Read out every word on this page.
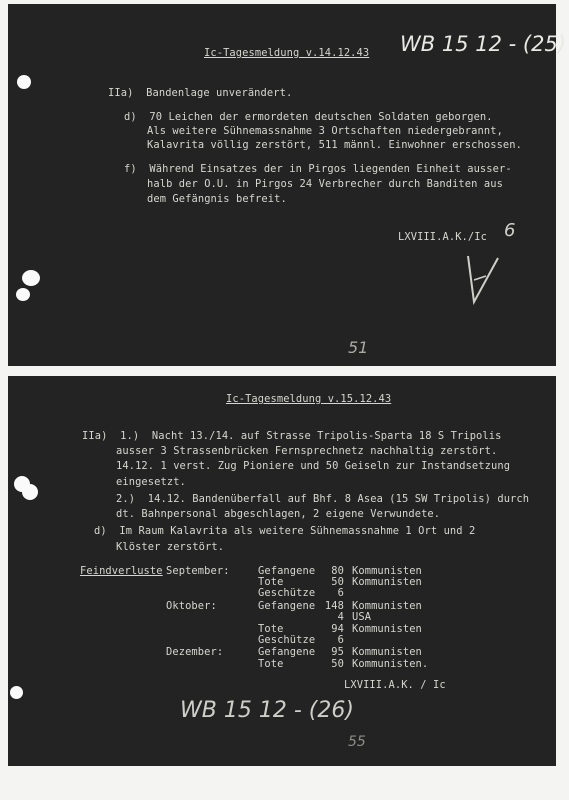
Ic-Tagesmeldung v.14.12.43 WB 15 12 - (25)
IIa)  Bandenlage unverändert.
d)  70 Leichen der ermordeten deutschen Soldaten geborgen.
Als weitere Sühnemassnahme 3 Ortschaften niedergebrannt,
Kalavrita völlig zerstört, 511 männl. Einwohner erschossen.
f)  Während Einsatzes der in Pirgos liegenden Einheit ausser-
halb der O.U. in Pirgos 24 Verbrecher durch Banditen aus
dem Gefängnis befreit.
LXVIII.A.K./Ic 6
51
Ic-Tagesmeldung v.15.12.43
IIa)  1.)  Nacht 13./14. auf Strasse Tripolis-Sparta 18 S Tripolis
ausser 3 Strassenbrücken Fernsprechnetz nachhaltig zerstört.
14.12. 1 verst. Zug Pioniere und 50 Geiseln zur Instandsetzung
eingesetzt.
2.)  14.12. Bandenüberfall auf Bhf. 8 Asea (15 SW Tripolis) durch
dt. Bahnpersonal abgeschlagen, 2 eigene Verwundete.
d)  Im Raum Kalavrita als weitere Sühnemassnahme 1 Ort und 2
Klöster zerstört.
Feindverluste September:	Gefangene 80 Kommunisten
Tote	50 Kommunisten
Geschütze 6
Oktober:	Gefangene 148 Kommunisten
4 USA
Tote	94 Kommunisten
Geschütze 6
Dezember:	Gefangene 95 Kommunisten
Tote	50 Kommunisten.
LXVIII.A.K. / Ic
WB 15 12 - (26)
55
